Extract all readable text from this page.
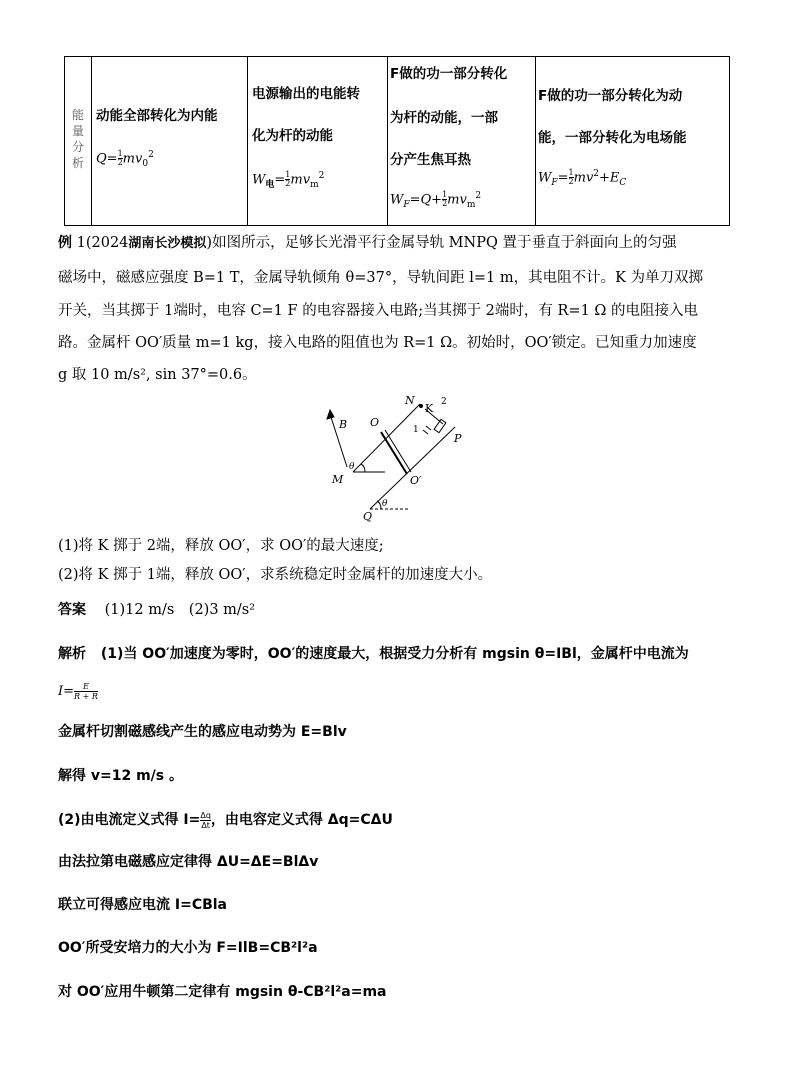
能量分析
动能全部转化为内能
$Q= \frac{1}{2} mv_0^2$
电源输出的电能转
化为杆的动能
$W_电= \frac{1}{2} mv_m^2$
F做的功一部分转化
为杆的动能，一部
分产生焦耳热
$W_F=Q+ \frac{1}{2} mv_m^2$
F做的功一部分转化为动
能，一部分转化为电场能
$W_F= \frac{1}{2} mv^2+E_C$
例 1(2024湖南长沙模拟)如图所示，足够长光滑平行金属导轨 MNPQ 置于垂直于斜面向上的匀强
磁场中，磁感应强度 B=1 T，金属导轨倾角 θ=37°，导轨间距 l=1 m，其电阻不计。K 为单刀双掷
开关，当其掷于 1端时，电容 C=1 F 的电容器接入电路;当其掷于 2端时，有 R=1 Ω 的电阻接入电
路。金属杆 OO′质量 m=1 kg，接入电路的阻值也为 R=1 Ω。初始时，OO′锁定。已知重力加速度
g 取 10 m/s², sin 37°=0.6。
B O
N
K
1
2
P
M	O′
Q
θ
θ
(1)将 K 掷于 2端，释放 OO′，求 OO′的最大速度;
(2)将 K 掷于 1端，释放 OO′，求系统稳定时金属杆的加速度大小。
答案 (1)12 m/s　(2)3 m/s²
解析 (1)当 OO′加速度为零时，OO′的速度最大，根据受力分析有 mgsin θ=IBl，金属杆中电流为
$I= \frac{E}{R + R}$
金属杆切割磁感线产生的感应电动势为 E=Blv
解得 v=12 m/s 。
(2)由电流定义式得 $I= \frac{\Delta q}{\Delta t}$ ，由电容定义式得 Δq=CΔU
由法拉第电磁感应定律得 ΔU=ΔE=BlΔv
联立可得感应电流 I=CBla
OO′所受安培力的大小为 F=IlB=CB²l²a
对 OO′应用牛顿第二定律有 mgsin θ-CB²l²a=ma
